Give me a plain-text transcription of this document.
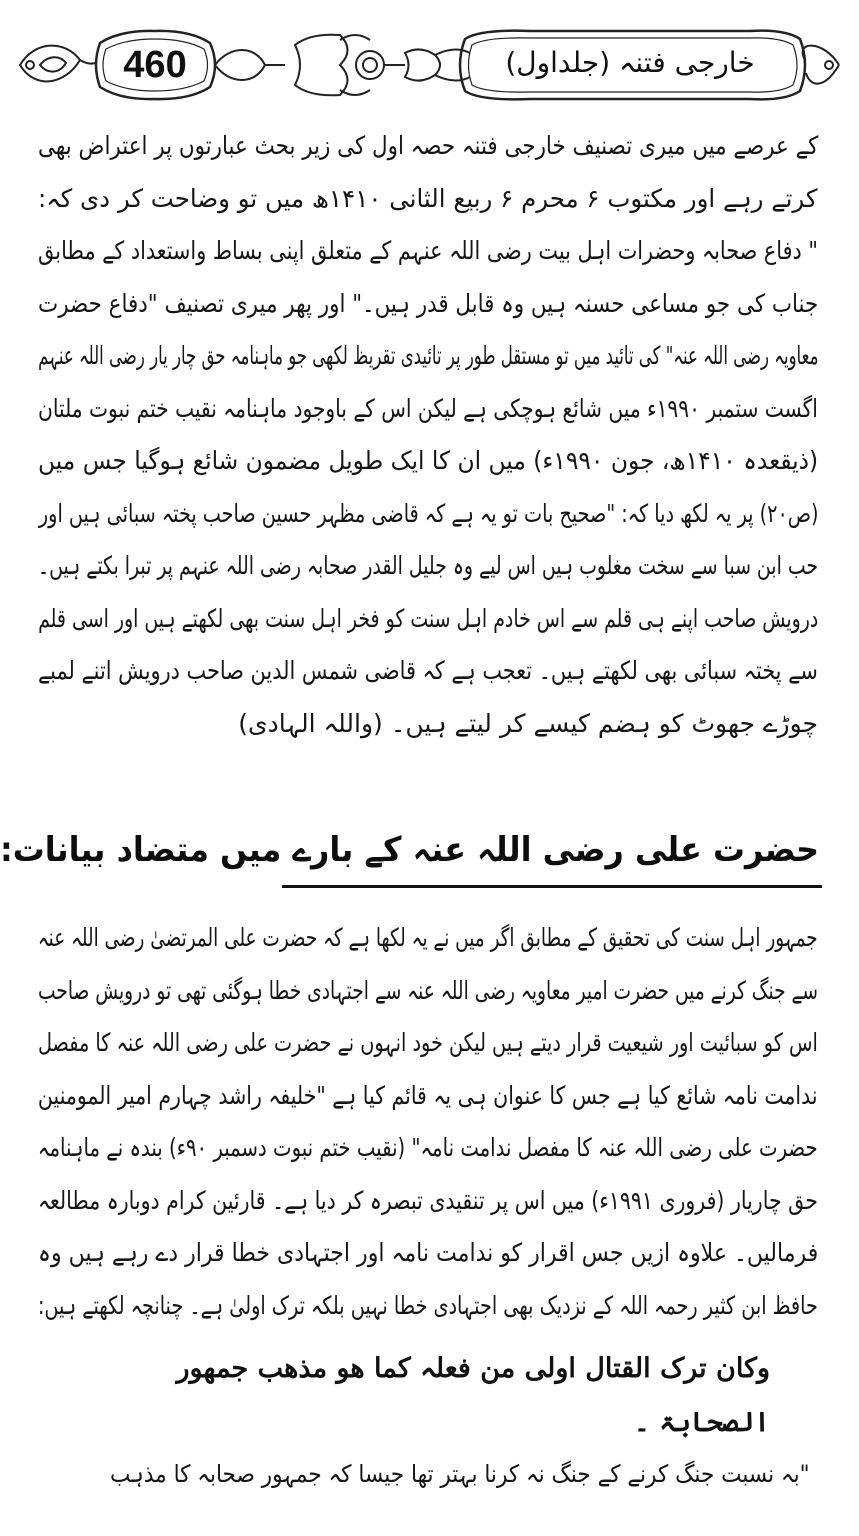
460	خارجی فتنہ (جلداول)
کے عرصے میں میری تصنیف خارجی فتنہ حصہ اول کی زیر بحث عبارتوں پر اعتراض بھی
کرتے رہے اور مکتوب ۶ محرم ۶ ربیع الثانی ۱۴۱۰ھ میں تو وضاحت کر دی کہ:
" دفاع صحابہ وحضرات اہل بیت رضی اللہ عنہم کے متعلق اپنی بساط واستعداد کے مطابق
جناب کی جو مساعی حسنہ ہیں وہ قابل قدر ہیں۔" اور پھر میری تصنیف "دفاع حضرت
معاویہ رضی اللہ عنہ" کی تائید میں تو مستقل طور پر تائیدی تقریظ لکھی جو ماہنامہ حق چار یار رضی اللہ عنہم
اگست ستمبر ۱۹۹۰ء میں شائع ہوچکی ہے لیکن اس کے باوجود ماہنامہ نقیب ختم نبوت ملتان
(ذیقعدہ ۱۴۱۰ھ، جون ۱۹۹۰ء) میں ان کا ایک طویل مضمون شائع ہوگیا جس میں
(ص۲۰) پر یہ لکھ دیا کہ: "صحیح بات تو یہ ہے کہ قاضی مظہر حسین صاحب پختہ سبائی ہیں اور
حب ابن سبا سے سخت مغلوب ہیں اس لیے وہ جلیل القدر صحابہ رضی اللہ عنہم پر تبرا بکتے ہیں۔
درویش صاحب اپنے ہی قلم سے اس خادم اہل سنت کو فخر اہل سنت بھی لکھتے ہیں اور اسی قلم
سے پختہ سبائی بھی لکھتے ہیں۔ تعجب ہے کہ قاضی شمس الدین صاحب درویش اتنے لمبے
چوڑے جھوٹ کو ہضم کیسے کر لیتے ہیں۔ (واللہ الہادی)
حضرت علی رضی اللہ عنہ کے بارے میں متضاد بیانات:
جمہور اہل سنت کی تحقیق کے مطابق اگر میں نے یہ لکھا ہے کہ حضرت علی المرتضیٰ رضی اللہ عنہ
سے جنگ کرنے میں حضرت امیر معاویہ رضی اللہ عنہ سے اجتہادی خطا ہوگئی تھی تو درویش صاحب
اس کو سبائیت اور شیعیت قرار دیتے ہیں لیکن خود انہوں نے حضرت علی رضی اللہ عنہ کا مفصل
ندامت نامہ شائع کیا ہے جس کا عنوان ہی یہ قائم کیا ہے "خلیفہ راشد چہارم امیر المومنین
حضرت علی رضی اللہ عنہ کا مفصل ندامت نامہ" (نقیب ختم نبوت دسمبر ۹۰ء) بندہ نے ماہنامہ
حق چاریار (فروری ۱۹۹۱ء) میں اس پر تنقیدی تبصرہ کر دیا ہے۔ قارئین کرام دوبارہ مطالعہ
فرمالیں۔ علاوہ ازیں جس اقرار کو ندامت نامہ اور اجتہادی خطا قرار دے رہے ہیں وہ
حافظ ابن کثیر رحمہ اللہ کے نزدیک بھی اجتہادی خطا نہیں بلکہ ترک اولیٰ ہے۔ چنانچہ لکھتے ہیں:
وکان ترک القتال اولی من فعلہ کما ھو مذھب جمھور
الصحابۃ ۔
"بہ نسبت جنگ کرنے کے جنگ نہ کرنا بہتر تھا جیسا کہ جمہور صحابہ کا مذہب
